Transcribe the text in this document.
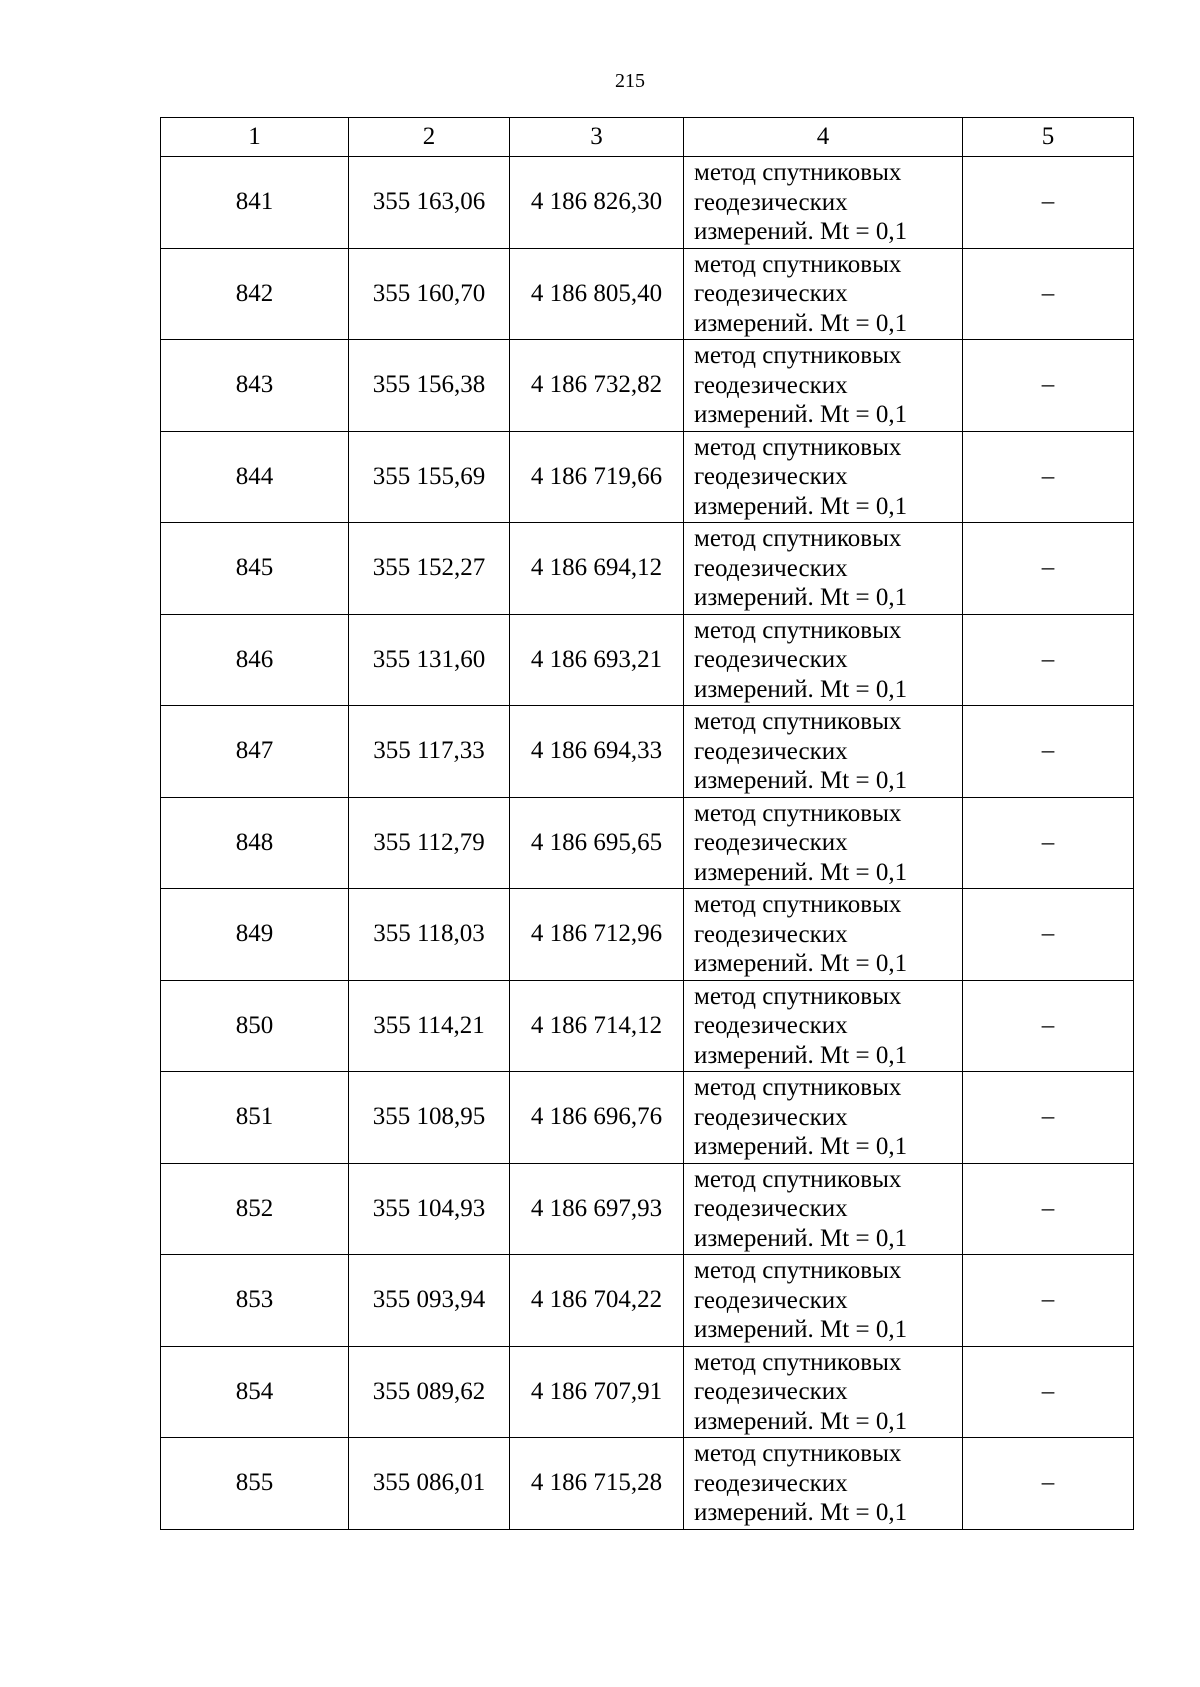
215
1	2	3	4	5
841	355 163,06	4 186 826,30	метод спутниковых
геодезических
измерений. Mt = 0,1	–
842	355 160,70	4 186 805,40	метод спутниковых
геодезических
измерений. Mt = 0,1	–
843	355 156,38	4 186 732,82	метод спутниковых
геодезических
измерений. Mt = 0,1	–
844	355 155,69	4 186 719,66	метод спутниковых
геодезических
измерений. Mt = 0,1	–
845	355 152,27	4 186 694,12	метод спутниковых
геодезических
измерений. Mt = 0,1	–
846	355 131,60	4 186 693,21	метод спутниковых
геодезических
измерений. Mt = 0,1	–
847	355 117,33	4 186 694,33	метод спутниковых
геодезических
измерений. Mt = 0,1	–
848	355 112,79	4 186 695,65	метод спутниковых
геодезических
измерений. Mt = 0,1	–
849	355 118,03	4 186 712,96	метод спутниковых
геодезических
измерений. Mt = 0,1	–
850	355 114,21	4 186 714,12	метод спутниковых
геодезических
измерений. Mt = 0,1	–
851	355 108,95	4 186 696,76	метод спутниковых
геодезических
измерений. Mt = 0,1	–
852	355 104,93	4 186 697,93	метод спутниковых
геодезических
измерений. Mt = 0,1	–
853	355 093,94	4 186 704,22	метод спутниковых
геодезических
измерений. Mt = 0,1	–
854	355 089,62	4 186 707,91	метод спутниковых
геодезических
измерений. Mt = 0,1	–
855	355 086,01	4 186 715,28	метод спутниковых
геодезических
измерений. Mt = 0,1	–
